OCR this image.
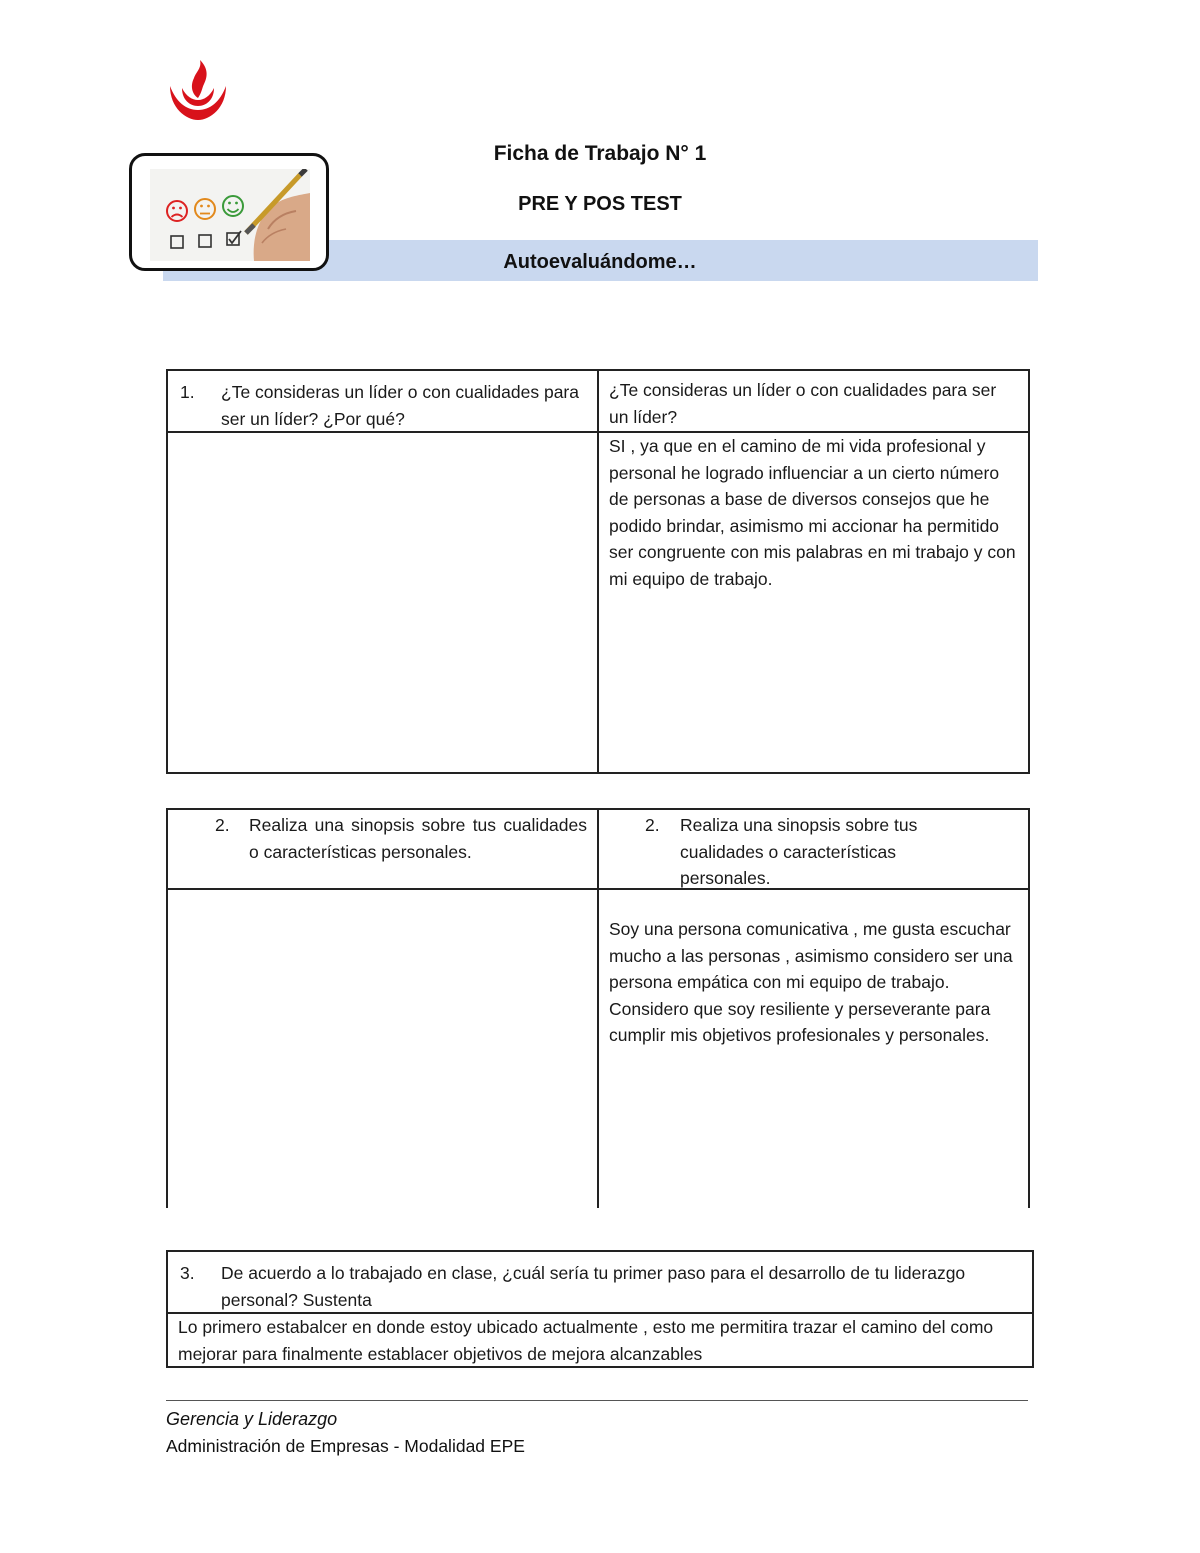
Ficha de Trabajo N° 1
PRE Y POS TEST
Autoevaluándome…
1. ¿Te consideras un líder o con cualidades para ser un líder? ¿Por qué?
¿Te consideras un líder o con cualidades para ser un líder?
SI , ya que en el camino de mi vida profesional y personal he logrado influenciar a un cierto número de personas a base de diversos consejos que he podido brindar, asimismo mi accionar ha permitido ser congruente con mis palabras en mi trabajo y con mi equipo de trabajo.
2. Realiza una sinopsis sobre tus cualidades o características personales.
2. Realiza una sinopsis sobre tus cualidades o características personales.
Soy una persona comunicativa , me gusta escuchar mucho a las personas , asimismo considero ser una persona empática con mi equipo de trabajo. Considero que soy resiliente y perseverante para cumplir mis objetivos profesionales y personales.
3. De acuerdo a lo trabajado en clase, ¿cuál sería tu primer paso para el desarrollo de tu liderazgo personal? Sustenta
Lo primero estabalcer en donde estoy ubicado actualmente , esto me permitira trazar el camino del como mejorar para finalmente establacer objetivos de mejora alcanzables
Gerencia y Liderazgo
Administración de Empresas - Modalidad EPE
